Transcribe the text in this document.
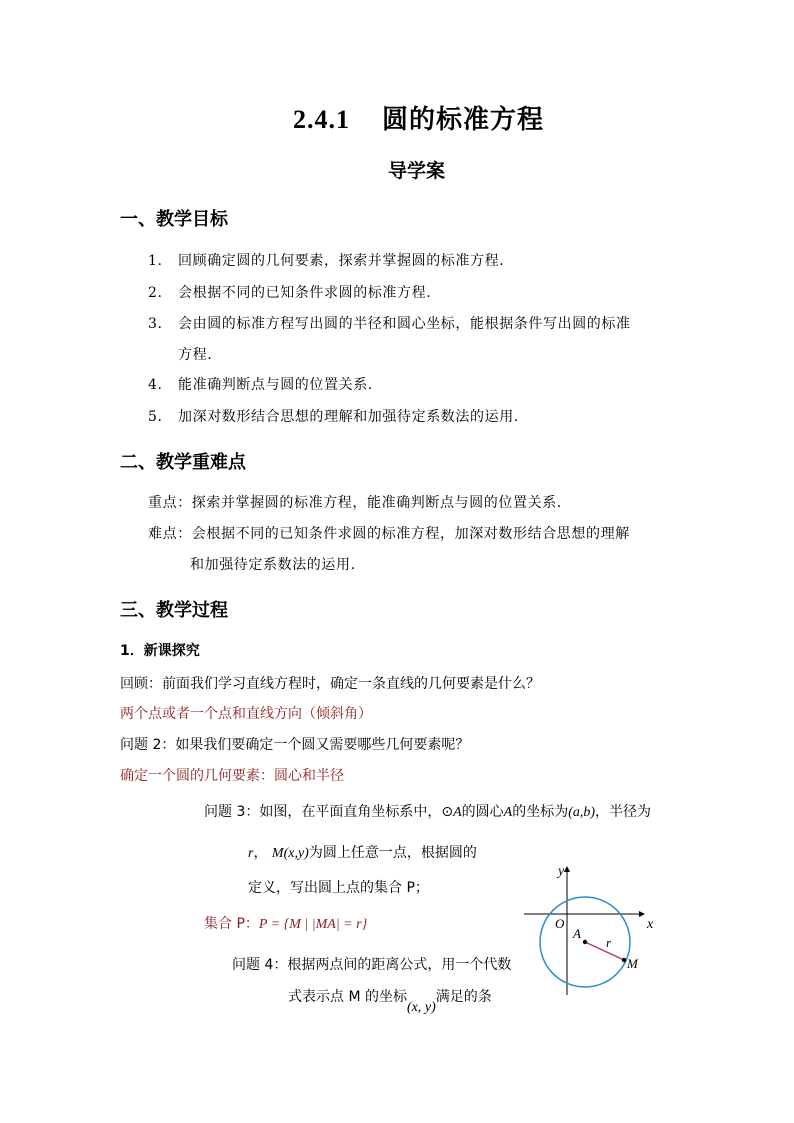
2.4.1 圆的标准方程
导学案
一、教学目标
1. 回顾确定圆的几何要素，探索并掌握圆的标准方程.
2. 会根据不同的已知条件求圆的标准方程.
3. 会由圆的标准方程写出圆的半径和圆心坐标，能根据条件写出圆的标准
方程.
4. 能准确判断点与圆的位置关系.
5. 加深对数形结合思想的理解和加强待定系数法的运用.
二、教学重难点
重点：探索并掌握圆的标准方程，能准确判断点与圆的位置关系.
难点：会根据不同的已知条件求圆的标准方程，加深对数形结合思想的理解
和加强待定系数法的运用.
三、教学过程
1．新课探究
回顾：前面我们学习直线方程时，确定一条直线的几何要素是什么？
两个点或者一个点和直线方向（倾斜角）
问题 2：如果我们要确定一个圆又需要哪些几何要素呢？
确定一个圆的几何要素：圆心和半径
问题 3：如图，在平面直角坐标系中，⊙A的圆心A的坐标为(a,b)，半径为
r， M(x,y)为圆上任意一点，根据圆的
定义，写出圆上点的集合 P；
集合 P：P = {M | |MA| = r}
问题 4：根据两点间的距离公式，用一个代数
式表示点 M 的坐标(x, y)满足的条
x
y
O
A
r
M
